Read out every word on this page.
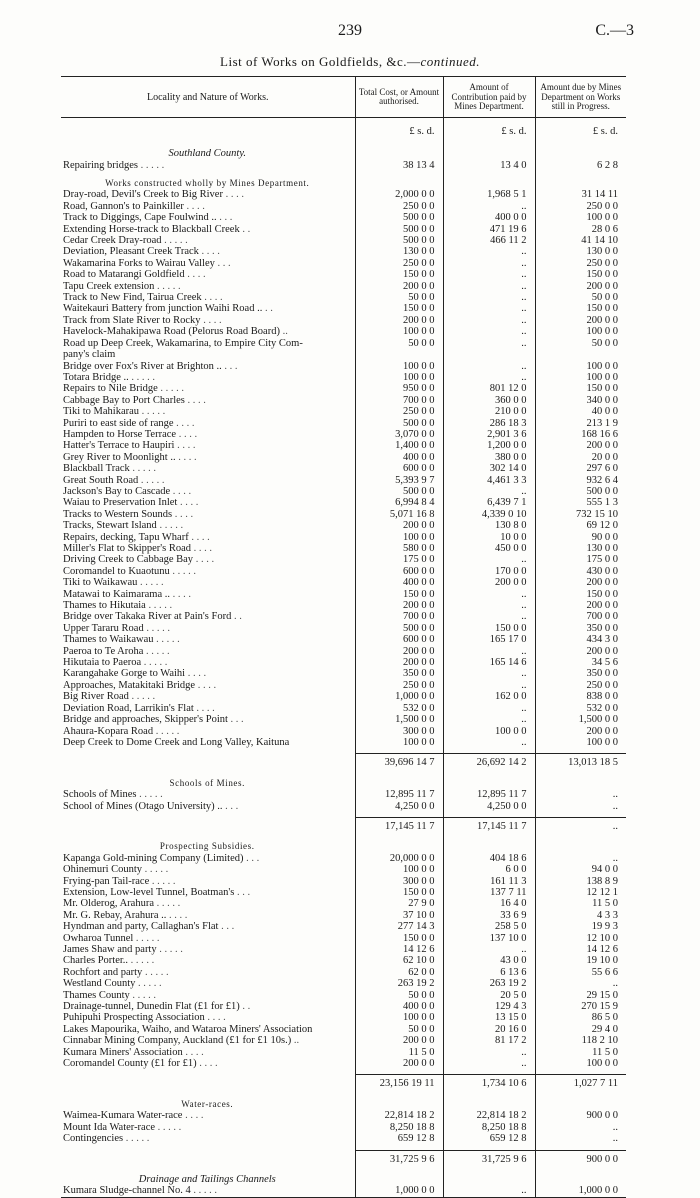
239	C.—3
List of Works on Goldfields, &c.—continued.
Locality and Nature of Works.	Total Cost, or Amount authorised.	Amount of Contribution paid by Mines Department.	Amount due by Mines Department on Works still in Progress.
	£ s. d.	£ s. d.	£ s. d.
Southland County.			
Repairing bridges . . . . .	38 13 4	13 4 0	6 2 8
Works constructed wholly by Mines Department.			
Dray-road, Devil's Creek to Big River . . . .	2,000 0 0	1,968 5 1	31 14 11
Road, Gannon's to Painkiller . . . .	250 0 0	..	250 0 0
Track to Diggings, Cape Foulwind .. . . .	500 0 0	400 0 0	100 0 0
Extending Horse-track to Blackball Creek . .	500 0 0	471 19 6	28 0 6
Cedar Creek Dray-road . . . . .	500 0 0	466 11 2	41 14 10
Deviation, Pleasant Creek Track . . . .	130 0 0	..	130 0 0
Wakamarina Forks to Wairau Valley . . .	250 0 0	..	250 0 0
Road to Matarangi Goldfield . . . .	150 0 0	..	150 0 0
Tapu Creek extension . . . . .	200 0 0	..	200 0 0
Track to New Find, Tairua Creek . . . .	50 0 0	..	50 0 0
Waitekauri Battery from junction Waihi Road .. . .	150 0 0	..	150 0 0
Track from Slate River to Rocky . . . .	200 0 0	..	200 0 0
Havelock-Mahakipawa Road (Pelorus Road Board) ..	100 0 0	..	100 0 0
Road up Deep Creek, Wakamarina, to Empire City Com-	50 0 0	..	50 0 0
pany's claim			
Bridge over Fox's River at Brighton .. . . .	100 0 0	..	100 0 0
Totara Bridge .. . . . . .	100 0 0	..	100 0 0
Repairs to Nile Bridge . . . . .	950 0 0	801 12 0	150 0 0
Cabbage Bay to Port Charles . . . .	700 0 0	360 0 0	340 0 0
Tiki to Mahikarau . . . . .	250 0 0	210 0 0	40 0 0
Puriri to east side of range . . . .	500 0 0	286 18 3	213 1 9
Hampden to Horse Terrace . . . .	3,070 0 0	2,901 3 6	168 16 6
Hatter's Terrace to Haupiri . . . .	1,400 0 0	1,200 0 0	200 0 0
Grey River to Moonlight .. . . . .	400 0 0	380 0 0	20 0 0
Blackball Track . . . . .	600 0 0	302 14 0	297 6 0
Great South Road . . . . .	5,393 9 7	4,461 3 3	932 6 4
Jackson's Bay to Cascade . . . .	500 0 0	..	500 0 0
Waiau to Preservation Inlet . . . .	6,994 8 4	6,439 7 1	555 1 3
Tracks to Western Sounds . . . .	5,071 16 8	4,339 0 10	732 15 10
Tracks, Stewart Island . . . . .	200 0 0	130 8 0	69 12 0
Repairs, decking, Tapu Wharf . . . .	100 0 0	10 0 0	90 0 0
Miller's Flat to Skipper's Road . . . .	580 0 0	450 0 0	130 0 0
Driving Creek to Cabbage Bay . . . .	175 0 0	..	175 0 0
Coromandel to Kuaotunu . . . . .	600 0 0	170 0 0	430 0 0
Tiki to Waikawau . . . . .	400 0 0	200 0 0	200 0 0
Matawai to Kaimarama .. . . . .	150 0 0	..	150 0 0
Thames to Hikutaia . . . . .	200 0 0	..	200 0 0
Bridge over Takaka River at Pain's Ford . .	700 0 0	..	700 0 0
Upper Tararu Road . . . . .	500 0 0	150 0 0	350 0 0
Thames to Waikawau . . . . .	600 0 0	165 17 0	434 3 0
Paeroa to Te Aroha . . . . .	200 0 0	..	200 0 0
Hikutaia to Paeroa . . . . .	200 0 0	165 14 6	34 5 6
Karangahake Gorge to Waihi . . . .	350 0 0	..	350 0 0
Approaches, Matakitaki Bridge . . . .	250 0 0	..	250 0 0
Big River Road . . . . .	1,000 0 0	162 0 0	838 0 0
Deviation Road, Larrikin's Flat . . . .	532 0 0	..	532 0 0
Bridge and approaches, Skipper's Point . . .	1,500 0 0	..	1,500 0 0
Ahaura-Kopara Road . . . . .	300 0 0	100 0 0	200 0 0
Deep Creek to Dome Creek and Long Valley, Kaituna	100 0 0	..	100 0 0

	39,696 14 7	26,692 14 2	13,013 18 5
Schools of Mines.			
Schools of Mines . . . . .	12,895 11 7	12,895 11 7	..
School of Mines (Otago University) .. . . .	4,250 0 0	4,250 0 0	..

	17,145 11 7	17,145 11 7	..
Prospecting Subsidies.			
Kapanga Gold-mining Company (Limited) . . .	20,000 0 0	404 18 6	..
Ohinemuri County . . . . .	100 0 0	6 0 0	94 0 0
Frying-pan Tail-race . . . . .	300 0 0	161 11 3	138 8 9
Extension, Low-level Tunnel, Boatman's . . .	150 0 0	137 7 11	12 12 1
Mr. Olderog, Arahura . . . . .	27 9 0	16 4 0	11 5 0
Mr. G. Rebay, Arahura .. . . . .	37 10 0	33 6 9	4 3 3
Hyndman and party, Callaghan's Flat . . .	277 14 3	258 5 0	19 9 3
Owharoa Tunnel . . . . .	150 0 0	137 10 0	12 10 0
James Shaw and party . . . . .	14 12 6	..	14 12 6
Charles Porter.. . . . . .	62 10 0	43 0 0	19 10 0
Rochfort and party . . . . .	62 0 0	6 13 6	55 6 6
Westland County . . . . .	263 19 2	263 19 2	..
Thames County . . . . .	50 0 0	20 5 0	29 15 0
Drainage-tunnel, Dunedin Flat (£1 for £1) . .	400 0 0	129 4 3	270 15 9
Puhipuhi Prospecting Association . . . .	100 0 0	13 15 0	86 5 0
Lakes Mapourika, Waiho, and Wataroa Miners' Association	50 0 0	20 16 0	29 4 0
Cinnabar Mining Company, Auckland (£1 for £1 10s.) ..	200 0 0	81 17 2	118 2 10
Kumara Miners' Association . . . .	11 5 0	..	11 5 0
Coromandel County (£1 for £1) . . . .	200 0 0	..	100 0 0

	23,156 19 11	1,734 10 6	1,027 7 11
Water-races.			
Waimea-Kumara Water-race . . . .	22,814 18 2	22,814 18 2	900 0 0
Mount Ida Water-race . . . . .	8,250 18 8	8,250 18 8	..
Contingencies . . . . .	659 12 8	659 12 8	..

	31,725 9 6	31,725 9 6	900 0 0
Drainage and Tailings Channels			
Kumara Sludge-channel No. 4 . . . . .	1,000 0 0	..	1,000 0 0
